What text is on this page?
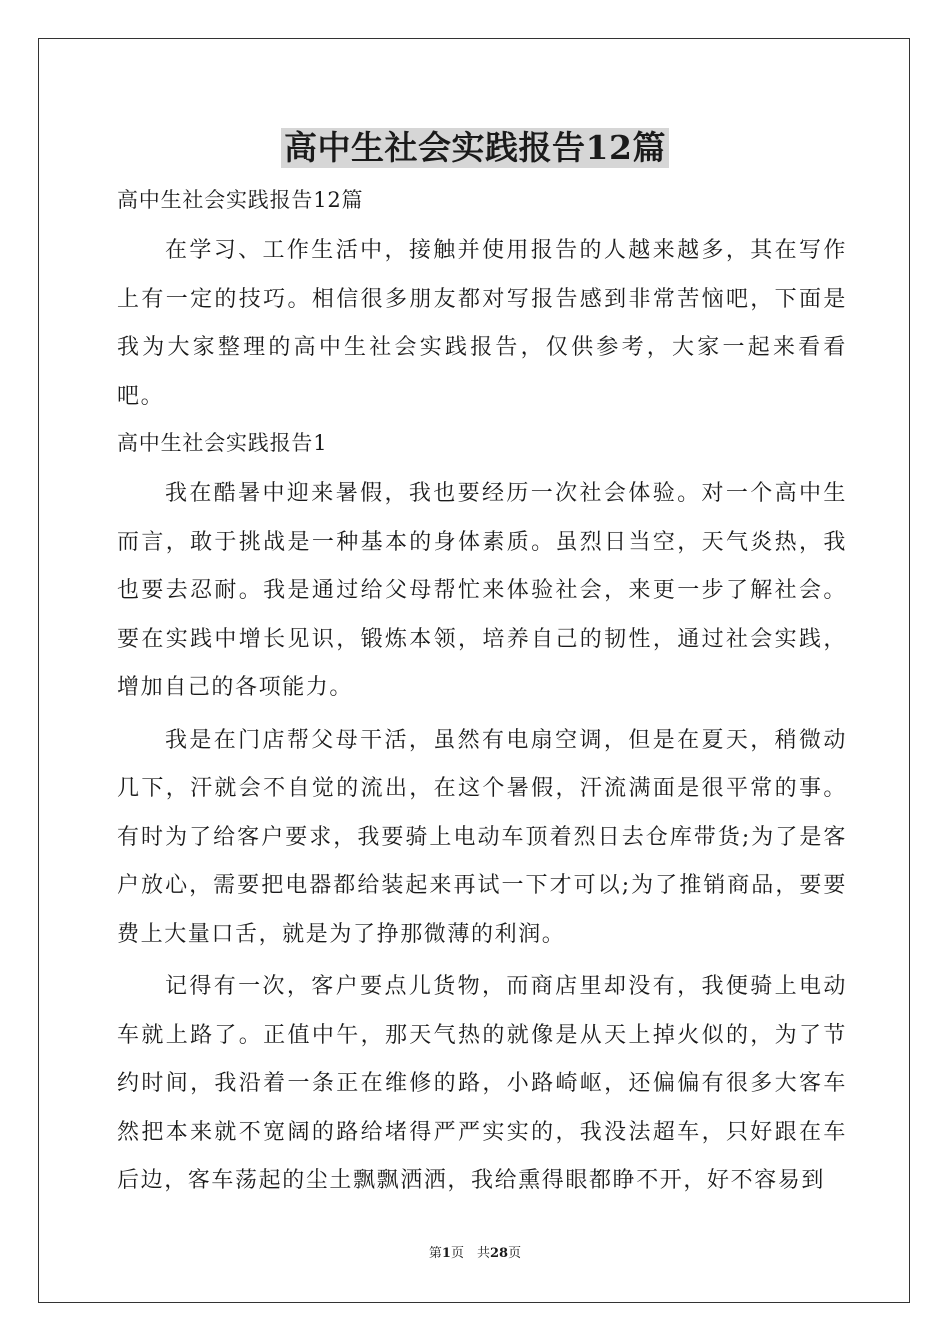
高中生社会实践报告12篇

高中生社会实践报告12篇

在学习、工作生活中，接触并使用报告的人越来越多，其在写作上有一定的技巧。相信很多朋友都对写报告感到非常苦恼吧，下面是我为大家整理的高中生社会实践报告，仅供参考，大家一起来看看吧。

高中生社会实践报告1

我在酷暑中迎来暑假，我也要经历一次社会体验。对一个高中生而言，敢于挑战是一种基本的身体素质。虽烈日当空，天气炎热，我也要去忍耐。我是通过给父母帮忙来体验社会，来更一步了解社会。要在实践中增长见识，锻炼本领，培养自己的韧性，通过社会实践，增加自己的各项能力。

我是在门店帮父母干活，虽然有电扇空调，但是在夏天，稍微动几下，汗就会不自觉的流出，在这个暑假，汗流满面是很平常的事。有时为了给客户要求，我要骑上电动车顶着烈日去仓库带货;为了是客户放心，需要把电器都给装起来再试一下才可以;为了推销商品，要要费上大量口舌，就是为了挣那微薄的利润。

记得有一次，客户要点儿货物，而商店里却没有，我便骑上电动车就上路了。正值中午，那天气热的就像是从天上掉火似的，为了节约时间，我沿着一条正在维修的路，小路崎岖，还偏偏有很多大客车然把本来就不宽阔的路给堵得严严实实的，我没法超车，只好跟在车后边，客车荡起的尘土飘飘洒洒，我给熏得眼都睁不开，好不容易到

第1页　共28页
